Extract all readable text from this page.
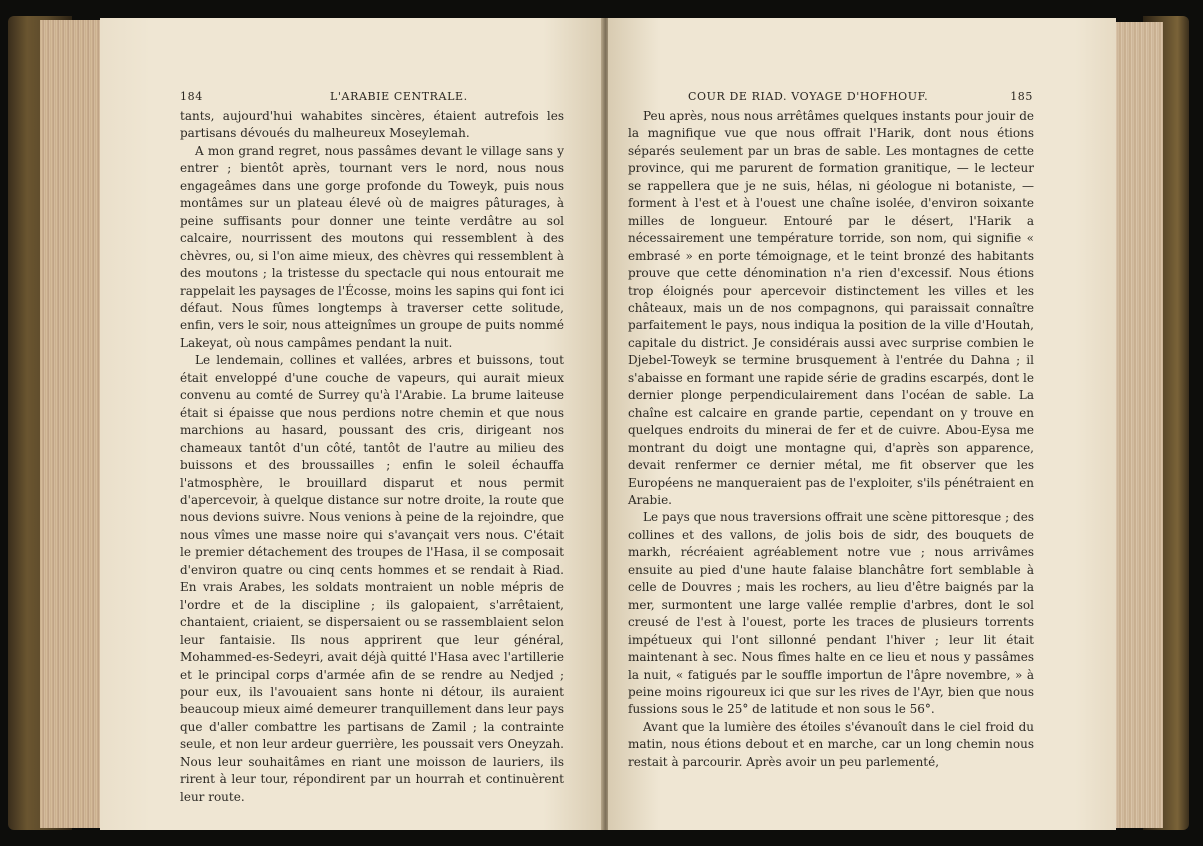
184	L'ARABIE CENTRALE.

tants, aujourd'hui wahabites sincères, étaient autrefois les partisans dévoués du malheureux Moseylemah.

A mon grand regret, nous passâmes devant le village sans y entrer ; bientôt après, tournant vers le nord, nous nous engageâmes dans une gorge profonde du Toweyk, puis nous montâmes sur un plateau élevé où de maigres pâturages, à peine suffisants pour donner une teinte verdâtre au sol calcaire, nourrissent des moutons qui ressemblent à des chèvres, ou, si l'on aime mieux, des chèvres qui ressemblent à des moutons ; la tristesse du spectacle qui nous entourait me rappelait les paysages de l'Écosse, moins les sapins qui font ici défaut. Nous fûmes longtemps à traverser cette solitude, enfin, vers le soir, nous atteignîmes un groupe de puits nommé Lakeyat, où nous campâmes pendant la nuit.

Le lendemain, collines et vallées, arbres et buissons, tout était enveloppé d'une couche de vapeurs, qui aurait mieux convenu au comté de Surrey qu'à l'Arabie. La brume laiteuse était si épaisse que nous perdions notre chemin et que nous marchions au hasard, poussant des cris, dirigeant nos chameaux tantôt d'un côté, tantôt de l'autre au milieu des buissons et des broussailles ; enfin le soleil échauffa l'atmosphère, le brouillard disparut et nous permit d'apercevoir, à quelque distance sur notre droite, la route que nous devions suivre. Nous venions à peine de la rejoindre, que nous vîmes une masse noire qui s'avançait vers nous. C'était le premier détachement des troupes de l'Hasa, il se composait d'environ quatre ou cinq cents hommes et se rendait à Riad. En vrais Arabes, les soldats montraient un noble mépris de l'ordre et de la discipline ; ils galopaient, s'arrêtaient, chantaient, criaient, se dispersaient ou se rassemblaient selon leur fantaisie. Ils nous apprirent que leur général, Mohammed-es-Sedeyri, avait déjà quitté l'Hasa avec l'artillerie et le principal corps d'armée afin de se rendre au Nedjed ; pour eux, ils l'avouaient sans honte ni détour, ils auraient beaucoup mieux aimé demeurer tranquillement dans leur pays que d'aller combattre les partisans de Zamil ; la contrainte seule, et non leur ardeur guerrière, les poussait vers Oneyzah. Nous leur souhaitâmes en riant une moisson de lauriers, ils rirent à leur tour, répondirent par un hourrah et continuèrent leur route.

COUR DE RIAD. VOYAGE D'HOFHOUF.	185

Peu après, nous nous arrêtâmes quelques instants pour jouir de la magnifique vue que nous offrait l'Harik, dont nous étions séparés seulement par un bras de sable. Les montagnes de cette province, qui me parurent de formation granitique, — le lecteur se rappellera que je ne suis, hélas, ni géologue ni botaniste, — forment à l'est et à l'ouest une chaîne isolée, d'environ soixante milles de longueur. Entouré par le désert, l'Harik a nécessairement une température torride, son nom, qui signifie « embrasé » en porte témoignage, et le teint bronzé des habitants prouve que cette dénomination n'a rien d'excessif. Nous étions trop éloignés pour apercevoir distinctement les villes et les châteaux, mais un de nos compagnons, qui paraissait connaître parfaitement le pays, nous indiqua la position de la ville d'Houtah, capitale du district. Je considérais aussi avec surprise combien le Djebel-Toweyk se termine brusquement à l'entrée du Dahna ; il s'abaisse en formant une rapide série de gradins escarpés, dont le dernier plonge perpendiculairement dans l'océan de sable. La chaîne est calcaire en grande partie, cependant on y trouve en quelques endroits du minerai de fer et de cuivre. Abou-Eysa me montrant du doigt une montagne qui, d'après son apparence, devait renfermer ce dernier métal, me fit observer que les Européens ne manqueraient pas de l'exploiter, s'ils pénétraient en Arabie.

Le pays que nous traversions offrait une scène pittoresque ; des collines et des vallons, de jolis bois de sidr, des bouquets de markh, récréaient agréablement notre vue ; nous arrivâmes ensuite au pied d'une haute falaise blanchâtre fort semblable à celle de Douvres ; mais les rochers, au lieu d'être baignés par la mer, surmontent une large vallée remplie d'arbres, dont le sol creusé de l'est à l'ouest, porte les traces de plusieurs torrents impétueux qui l'ont sillonné pendant l'hiver ; leur lit était maintenant à sec. Nous fîmes halte en ce lieu et nous y passâmes la nuit, « fatigués par le souffle importun de l'âpre novembre, » à peine moins rigoureux ici que sur les rives de l'Ayr, bien que nous fussions sous le 25° de latitude et non sous le 56°.

Avant que la lumière des étoiles s'évanouît dans le ciel froid du matin, nous étions debout et en marche, car un long chemin nous restait à parcourir. Après avoir un peu parlementé,
